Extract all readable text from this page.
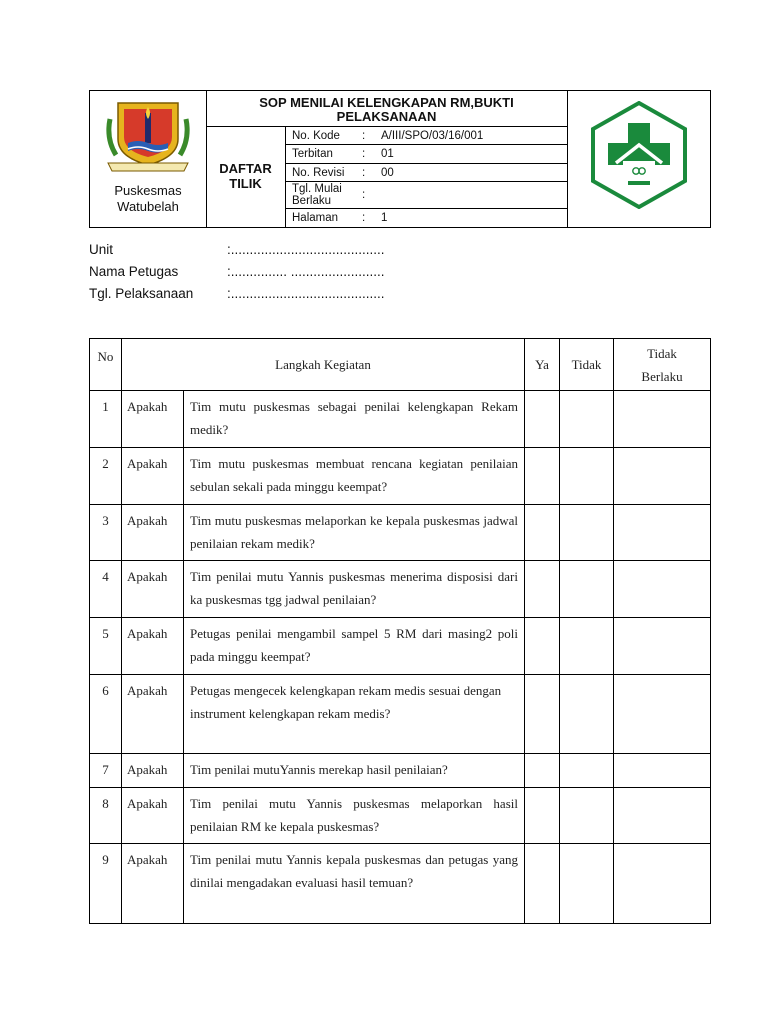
Puskesmas
Watubelah
SOP MENILAI KELENGKAPAN RM,BUKTI
PELAKSANAAN
DAFTAR
TILIK
No. Kode : A/III/SPO/03/16/001
Terbitan	: 01
No. Revisi : 00
Tgl. Mulai Berlaku	:
Halaman : 1
Unit	:.........................................
Nama Petugas	:............... .........................
Tgl. Pelaksanaan :.........................................
No	Langkah Kegiatan		Ya	Tidak	Tidak
Berlaku

1	Apakah	Tim mutu puskesmas sebagai penilai kelengkapan Rekam medik?			
2	Apakah	Tim mutu puskesmas membuat rencana kegiatan penilaian sebulan sekali pada minggu keempat?			
3	Apakah	Tim mutu puskesmas melaporkan ke kepala puskesmas jadwal penilaian rekam medik?			
4	Apakah	Tim penilai mutu Yannis puskesmas menerima disposisi dari ka puskesmas tgg jadwal penilaian?			
5	Apakah	Petugas penilai mengambil sampel 5 RM dari masing2 poli pada minggu keempat?			
6	Apakah	Petugas mengecek kelengkapan rekam medis sesuai dengan instrument kelengkapan rekam medis?			
7	Apakah	Tim penilai mutuYannis merekap hasil penilaian?			
8	Apakah	Tim penilai mutu Yannis puskesmas melaporkan hasil penilaian RM ke kepala puskesmas?			
9	Apakah	Tim penilai mutu Yannis kepala puskesmas dan petugas yang dinilai mengadakan evaluasi hasil temuan?			
